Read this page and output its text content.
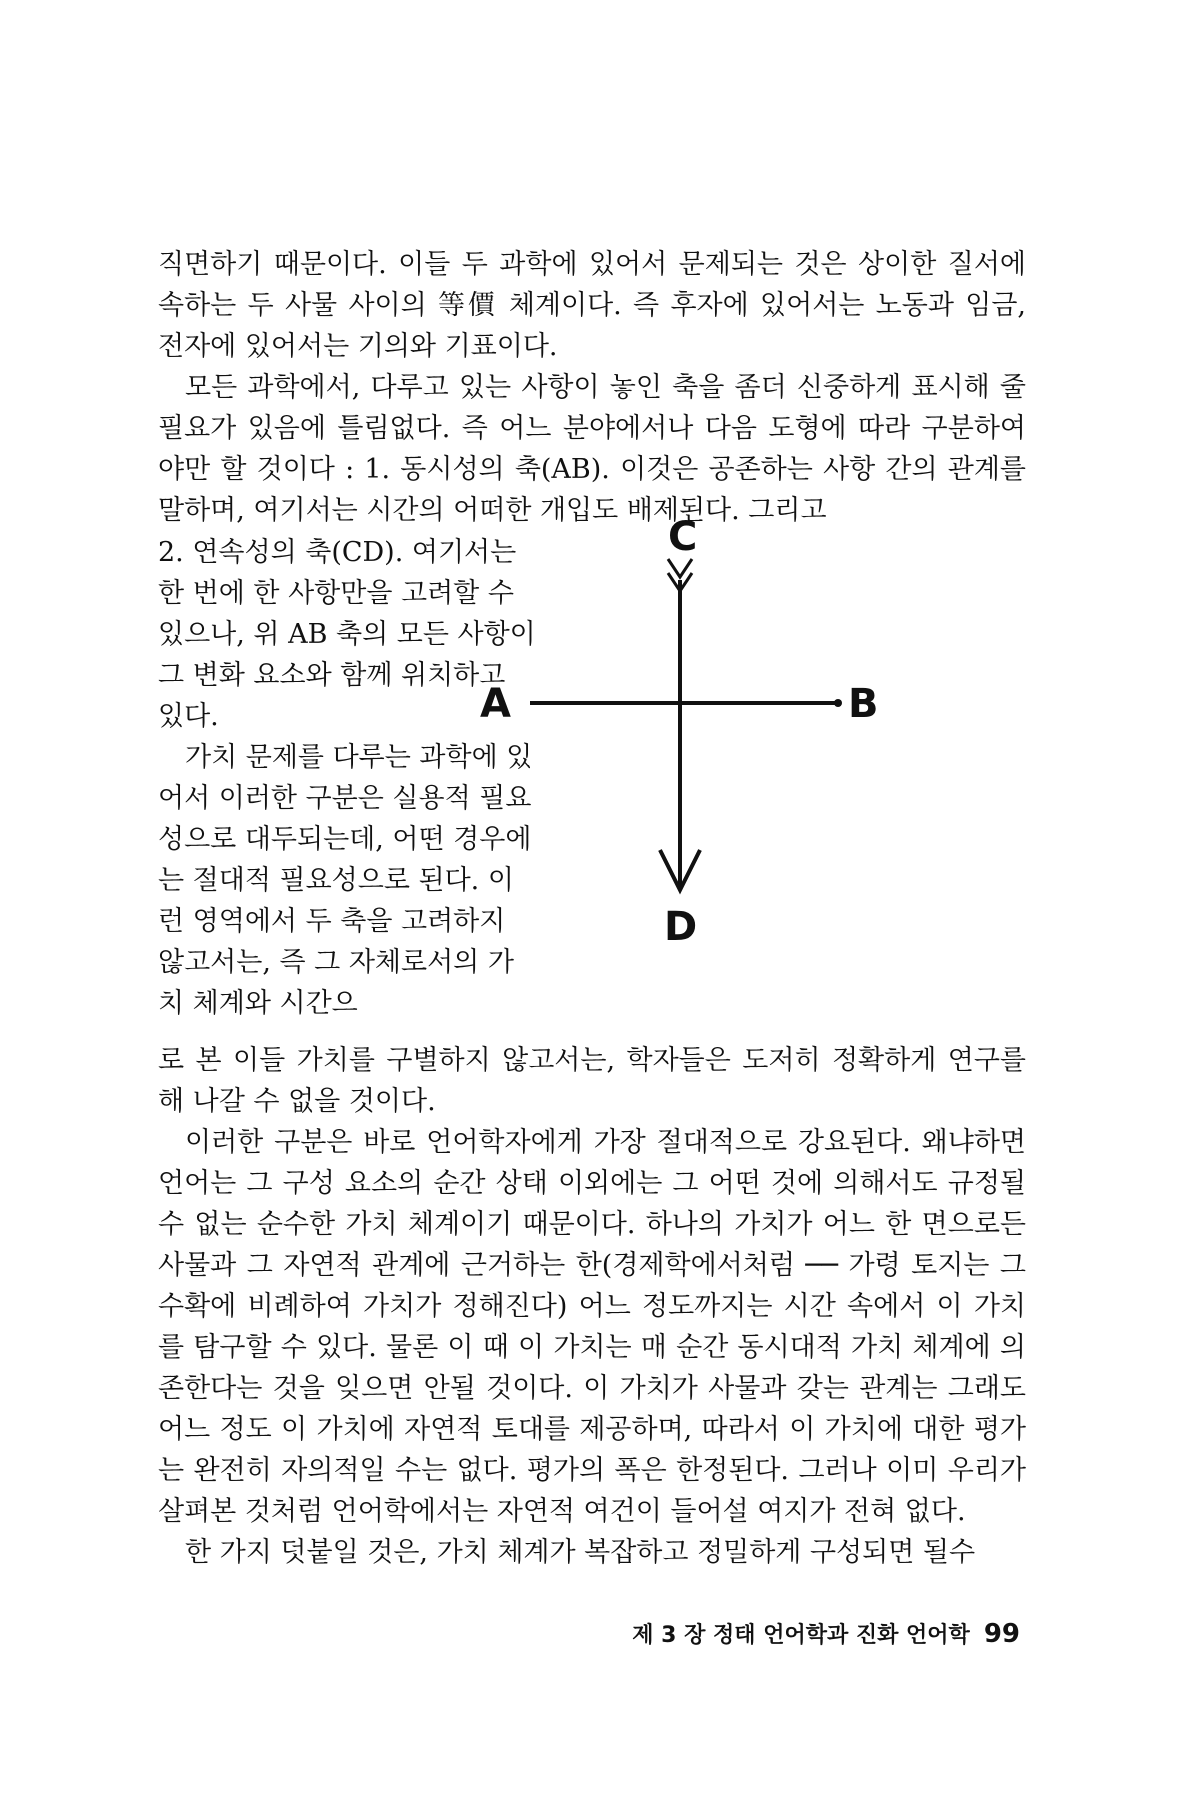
직면하기 때문이다. 이들 두 과학에 있어서 문제되는 것은 상이한 질서에 속하는 두 사물 사이의 等價 체계이다. 즉 후자에 있어서는 노동과 임금, 전자에 있어서는 기의와 기표이다.

모든 과학에서, 다루고 있는 사항이 놓인 축을 좀더 신중하게 표시해 줄 필요가 있음에 틀림없다. 즉 어느 분야에서나 다음 도형에 따라 구분하여야만 할 것이다 : 1. 동시성의 축(AB). 이것은 공존하는 사항 간의 관계를 말하며, 여기서는 시간의 어떠한 개입도 배제된다. 그리고

2. 연속성의 축(CD). 여기서는 한 번에 한 사항만을 고려할 수 있으나, 위 AB 축의 모든 사항이 그 변화 요소와 함께 위치하고 있다.

가치 문제를 다루는 과학에 있어서 이러한 구분은 실용적 필요성으로 대두되는데, 어떤 경우에는 절대적 필요성으로 된다. 이런 영역에서 두 축을 고려하지 않고서는, 즉 그 자체로서의 가치 체계와 시간으

C
D
A	B

로 본 이들 가치를 구별하지 않고서는, 학자들은 도저히 정확하게 연구를 해 나갈 수 없을 것이다.

이러한 구분은 바로 언어학자에게 가장 절대적으로 강요된다. 왜냐하면 언어는 그 구성 요소의 순간 상태 이외에는 그 어떤 것에 의해서도 규정될 수 없는 순수한 가치 체계이기 때문이다. 하나의 가치가 어느 한 면으로든 사물과 그 자연적 관계에 근거하는 한(경제학에서처럼 ── 가령 토지는 그 수확에 비례하여 가치가 정해진다) 어느 정도까지는 시간 속에서 이 가치를 탐구할 수 있다. 물론 이 때 이 가치는 매 순간 동시대적 가치 체계에 의존한다는 것을 잊으면 안될 것이다. 이 가치가 사물과 갖는 관계는 그래도 어느 정도 이 가치에 자연적 토대를 제공하며, 따라서 이 가치에 대한 평가는 완전히 자의적일 수는 없다. 평가의 폭은 한정된다. 그러나 이미 우리가 살펴본 것처럼 언어학에서는 자연적 여건이 들어설 여지가 전혀 없다.

한 가지 덧붙일 것은, 가치 체계가 복잡하고 정밀하게 구성되면 될수

제 3 장 정태 언어학과 진화 언어학 99
